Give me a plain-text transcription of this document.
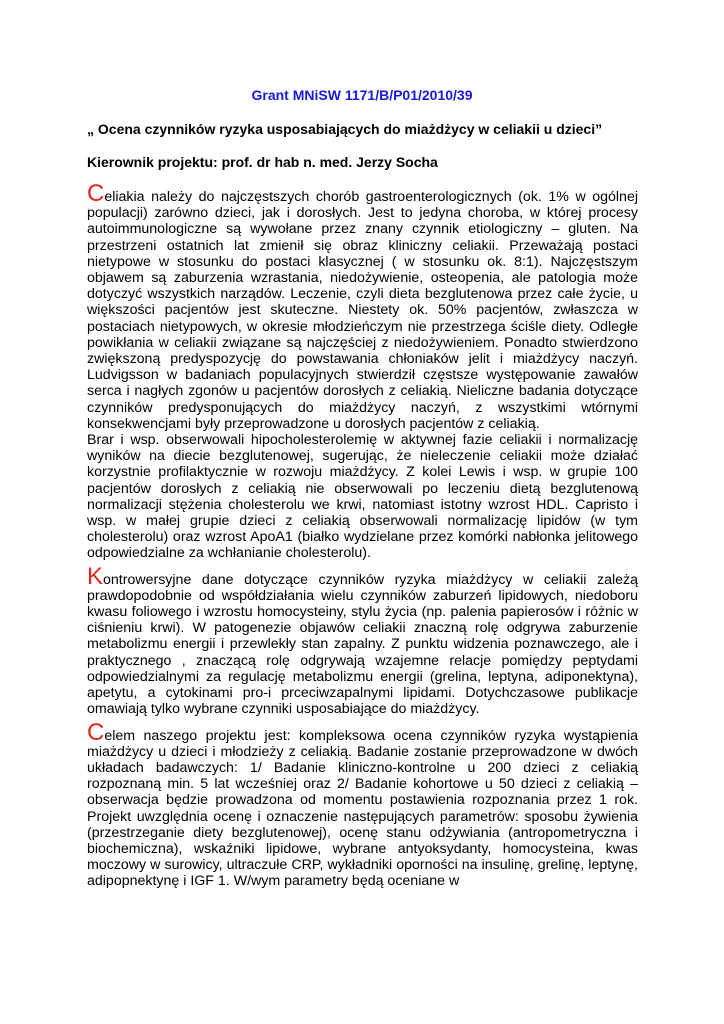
Grant MNiSW 1171/B/P01/2010/39
„ Ocena czynników ryzyka usposabiających do miażdżycy w celiakii u dzieci”
Kierownik projektu: prof. dr hab n. med. Jerzy Socha

Celiakia należy do najczęstszych chorób gastroenterologicznych (ok. 1% w ogólnej populacji) zarówno dzieci, jak i dorosłych. Jest to jedyna choroba, w której procesy autoimmunologiczne są wywołane przez znany czynnik etiologiczny – gluten. Na przestrzeni ostatnich lat zmienił się obraz kliniczny celiakii. Przeważają postaci nietypowe w stosunku do postaci klasycznej ( w stosunku ok. 8:1). Najczęstszym objawem są zaburzenia wzrastania, niedożywienie, osteopenia, ale patologia może dotyczyć wszystkich narządów. Leczenie, czyli dieta bezglutenowa przez całe życie, u większości pacjentów jest skuteczne. Niestety ok. 50% pacjentów, zwłaszcza w postaciach nietypowych, w okresie młodzieńczym nie przestrzega ściśle diety. Odległe powikłania w celiakii związane są najczęściej z niedożywieniem. Ponadto stwierdzono zwiększoną predyspozycję do powstawania chłoniaków jelit i miażdżycy naczyń. Ludvigsson w badaniach populacyjnych stwierdził częstsze występowanie zawałów serca i nagłych zgonów u pacjentów dorosłych z celiakią. Nieliczne badania dotyczące czynników predysponujących do miażdżycy naczyń, z wszystkimi wtórnymi konsekwencjami były przeprowadzone u dorosłych pacjentów z celiakią.

Brar i wsp. obserwowali hipocholesterolemię w aktywnej fazie celiakii i normalizację wyników na diecie bezglutenowej, sugerując, że nieleczenie celiakii może działać korzystnie profilaktycznie w rozwoju miażdżycy. Z kolei Lewis i wsp. w grupie 100 pacjentów dorosłych z celiakią nie obserwowali po leczeniu dietą bezglutenową normalizacji stężenia cholesterolu we krwi, natomiast istotny wzrost HDL. Capristo i wsp. w małej grupie dzieci z celiakią obserwowali normalizację lipidów (w tym cholesterolu) oraz wzrost ApoA1 (białko wydzielane przez komórki nabłonka jelitowego odpowiedzialne za wchłanianie cholesterolu).

Kontrowersyjne dane dotyczące czynników ryzyka miażdżycy w celiakii zależą prawdopodobnie od współdziałania wielu czynników zaburzeń lipidowych, niedoboru kwasu foliowego i wzrostu homocysteiny, stylu życia (np. palenia papierosów i różnic w ciśnieniu krwi). W patogenezie objawów celiakii znaczną rolę odgrywa zaburzenie metabolizmu energii i przewlekły stan zapalny. Z punktu widzenia poznawczego, ale i praktycznego , znaczącą rolę odgrywają wzajemne relacje pomiędzy peptydami odpowiedzialnymi za regulację metabolizmu energii (grelina, leptyna, adiponektyna), apetytu, a cytokinami pro-i prceciwzapalnymi lipidami. Dotychczasowe publikacje omawiają tylko wybrane czynniki usposabiające do miażdżycy.

Celem naszego projektu jest: kompleksowa ocena czynników ryzyka wystąpienia miażdżycy u dzieci i młodzieży z celiakią. Badanie zostanie przeprowadzone w dwóch układach badawczych: 1/ Badanie kliniczno-kontrolne u 200 dzieci z celiakią rozpoznaną min. 5 lat wcześniej oraz 2/ Badanie kohortowe u 50 dzieci z celiakią – obserwacja będzie prowadzona od momentu postawienia rozpoznania przez 1 rok. Projekt uwzględnia ocenę i oznaczenie następujących parametrów: sposobu żywienia (przestrzeganie diety bezglutenowej), ocenę stanu odżywiania (antropometryczna i biochemiczna), wskaźniki lipidowe, wybrane antyoksydanty, homocysteina, kwas moczowy w surowicy, ultraczułe CRP, wykładniki oporności na insulinę, grelinę, leptynę, adipopnektynę i IGF 1. W/wym parametry będą oceniane w
